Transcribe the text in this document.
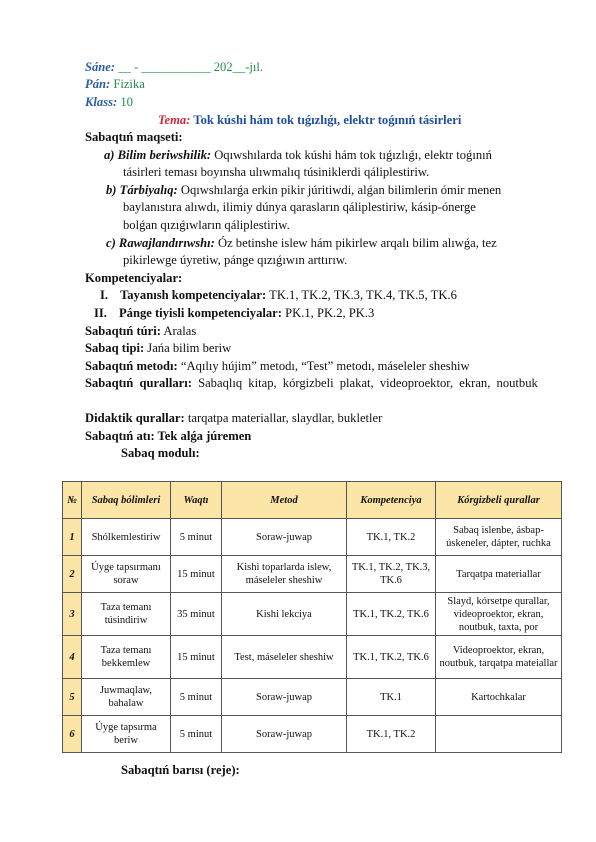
Sáne: __ - ___________ 202__-jıl.
Pán: Fizika
Klass: 10
Tema: Tok kúshi hám tok tıǵızlıǵı, elektr toǵınıń tásirleri
Sabaqtıń maqseti:
a) Bilim beriwshilik: Oqıwshılarda tok kúshi hám tok tıǵızlıǵı, elektr toǵınıń
tásirleri teması boyınsha ulıwmalıq túsiniklerdi qáliplestiriw.
b) Tárbiyalıq: Oqıwshılarǵa erkin pikir júritiwdi, alǵan bilimlerin ómir menen
baylanıstıra alıwdı, ilimiy dúnya qarasların qáliplestiriw, kásip-ónerge
bolǵan qızıǵıwların qáliplestiriw.
c) Rawajlandırıwshı: Óz betinshe islew hám pikirlew arqalı bilim alıwǵa, tez
pikirlewge úyretiw, pánge qızıǵıwın arttırıw.
Kompetenciyalar:
I. Tayanısh kompetenciyalar: TK.1, TK.2, TK.3, TK.4, TK.5, TK.6
II. Pánge tiyisli kompetenciyalar: PK.1, PK.2, PK.3
Sabaqtıń túri: Aralas
Sabaq tipi: Jańa bilim beriw
Sabaqtıń metodı: “Aqılıy hújim” metodı, “Test” metodı, máseleler sheshiw
Sabaqtıń quralları: Sabaqlıq kitap, kórgizbeli plakat, videoproektor, ekran, noutbuk
Didaktik qurallar: tarqatpa materiallar, slaydlar, bukletler
Sabaqtıń atı: Tek alǵa júremen
Sabaq modulı:
№	Sabaq bólimleri	Waqtı	Metod	Kompetenciya	Kórgizbeli qurallar
1	Shólkemlestiriw	5 minut	Soraw-juwap	TK.1, TK.2	Sabaq islenbe, ásbap-úskeneler, dápter, ruchka
2	Úyge tapsırmanı soraw	15 minut	Kishi toparlarda islew, máseleler sheshiw	TK.1, TK.2, TK.3, TK.6	Tarqatpa materiallar
3	Taza temanı túsindiriw	35 minut	Kishi lekciya	TK.1, TK.2, TK.6	Slayd, kórsetpe qurallar, videoproektor, ekran, noutbuk, taxta, por
4	Taza temanı bekkemlew	15 minut	Test, máseleler sheshiw	TK.1, TK.2, TK.6	Videoproektor, ekran, noutbuk, tarqatpa mateiallar
5	Juwmaqlaw, bahalaw	5 minut	Soraw-juwap	TK.1	Kartochkalar
6	Úyge tapsırma beriw	5 minut	Soraw-juwap	TK.1, TK.2	
Sabaqtıń barısı (reje):
